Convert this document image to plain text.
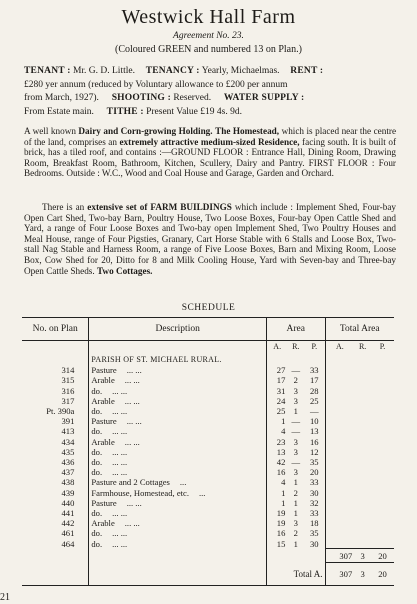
Westwick Hall Farm
Agreement No. 23.
(Coloured GREEN and numbered 13 on Plan.)
TENANT : Mr. G. D. Little. TENANCY : Yearly, Michaelmas. RENT :
£280 yer annum (reduced by Voluntary allowance to £200 per annum
from March, 1927). SHOOTING : Reserved. WATER SUPPLY :
From Estate main. TITHE : Present Value £19 4s. 9d.
A well known Dairy and Corn-growing Holding. The Homestead, which is placed near the centre of the land, comprises an extremely attractive medium-sized Residence, facing south. It is built of brick, has a tiled roof, and contains :—GROUND FLOOR : Entrance Hall, Dining Room, Drawing Room, Breakfast Room, Bathroom, Kitchen, Scullery, Dairy and Pantry. FIRST FLOOR : Four Bedrooms. Outside : W.C., Wood and Coal House and Garage, Garden and Orchard.
There is an extensive set of FARM BUILDINGS which include : Implement Shed, Four-bay Open Cart Shed, Two-bay Barn, Poultry House, Two Loose Boxes, Four-bay Open Cattle Shed and Yard, a range of Four Loose Boxes and Two-bay open Implement Shed, Two Poultry Houses and Meal House, range of Four Pigsties, Granary, Cart Horse Stable with 6 Stalls and Loose Box, Two-stall Nag Stable and Harness Room, a range of Five Loose Boxes, Barn and Mixing Room, Loose Box, Cow Shed for 20, Ditto for 8 and Milk Cooling House, Yard with Seven-bay and Three-bay Open Cattle Sheds. Two Cottages.
SCHEDULE
No. on Plan	Description	Area			Total Area		
		A.	R.	P.	A.	R.	P.
	PARISH OF ST. MICHAEL RURAL.						
314	Pasture ... ...	27	—	33			
315	Arable ... ...	17	2	17			
316	do. ... ...	31	3	28			
317	Arable ... ...	24	3	25			
Pt. 390a	do. ... ...	25	1	—			
391	Pasture ... ...	1	—	10			
413	do. ... ...	4	—	13			
434	Arable ... ...	23	3	16			
435	do. ... ...	13	3	12			
436	do. ... ...	42	—	35			
437	do. ... ...	16	3	20			
438	Pasture and 2 Cottages ...	4	1	33			
439	Farmhouse, Homestead, etc. ...	1	2	30			
440	Pasture ... ...	1	1	32			
441	do. ... ...	19	1	33			
442	Arable ... ...	19	3	18			
461	do. ... ...	16	2	35			
464	do. ... ...	15	1	30			
					307	3	20
		Total A.			307	3	20
21
